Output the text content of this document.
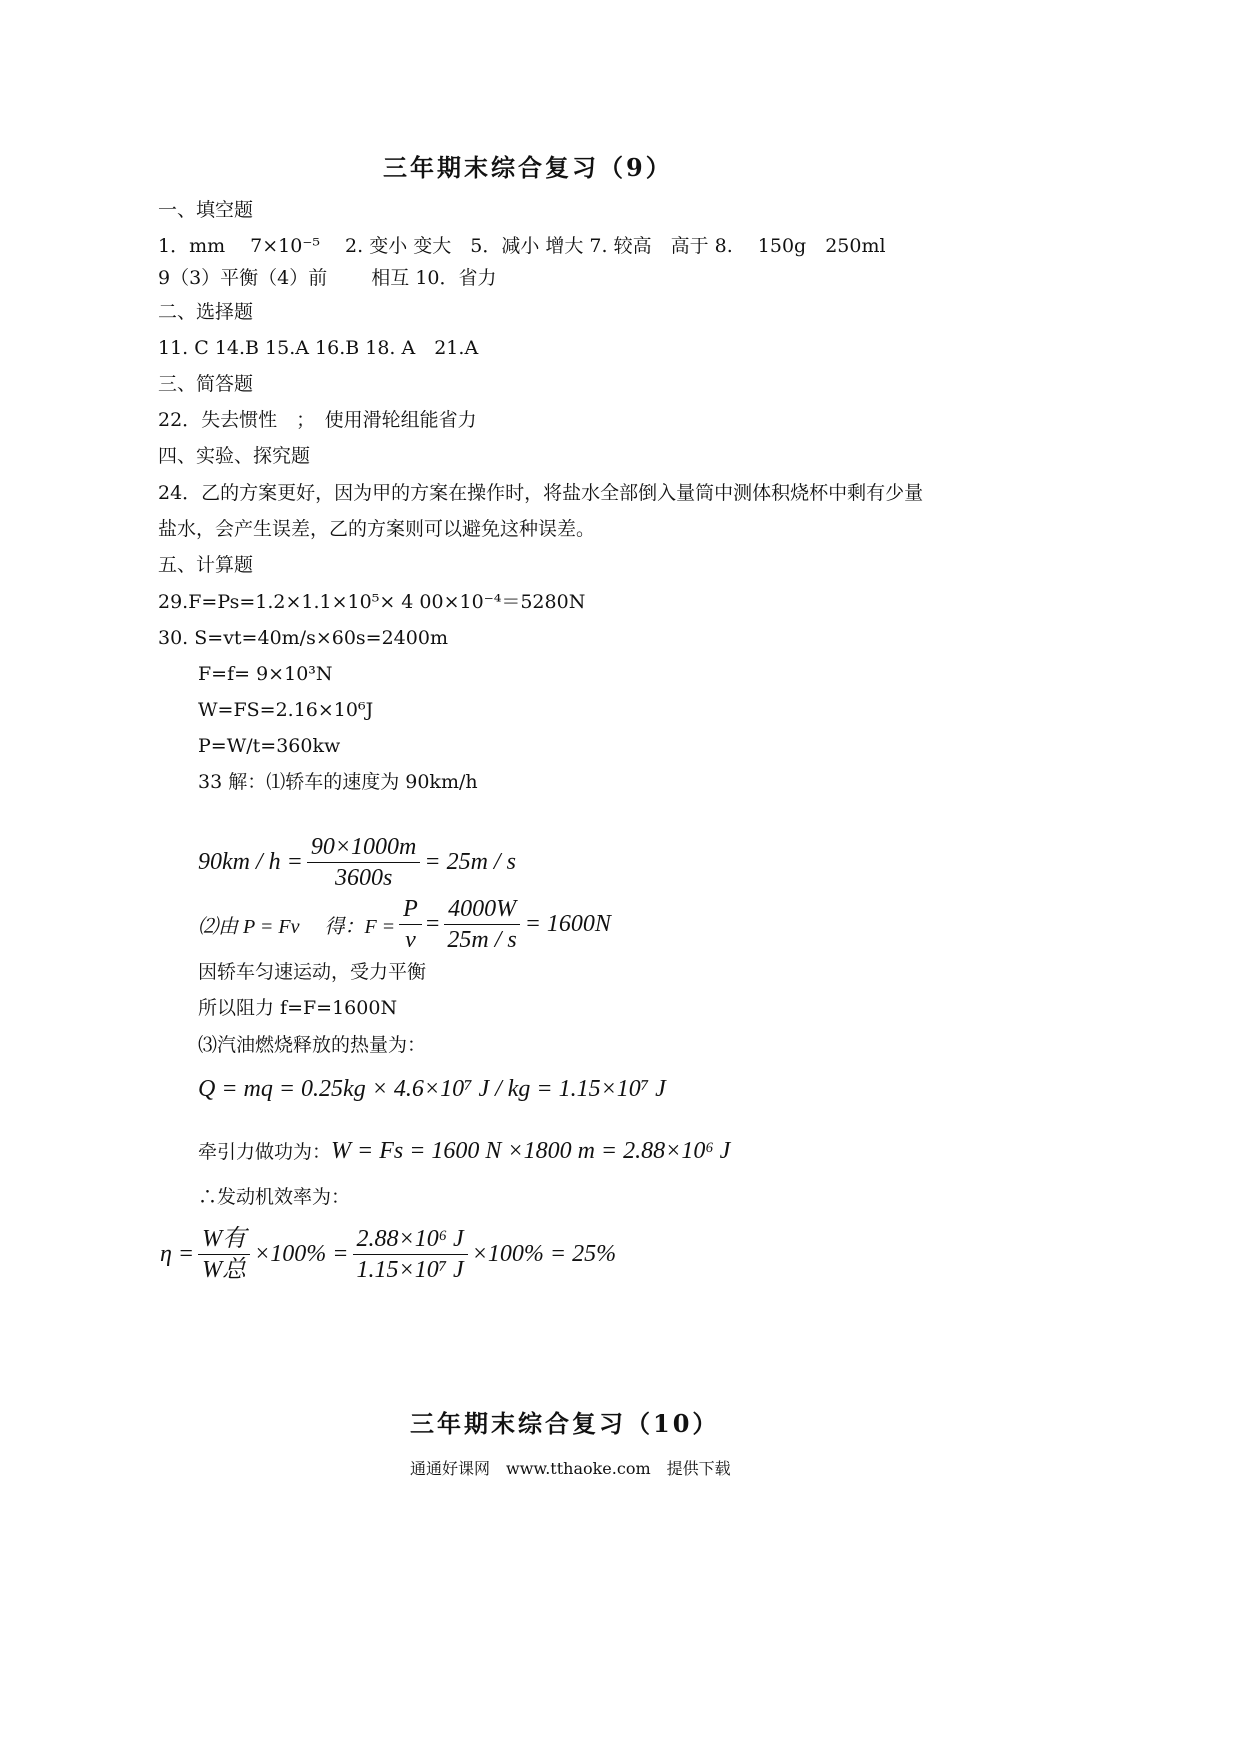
三年期末综合复习（9）
一、填空题
1．mm　 7×10⁻⁵　 2. 变小 变大　5．减小 增大 7. 较高　高于 8.　 150g　250ml
9（3）平衡（4）前　　 相互 10．省力
二、选择题
11. C 14.B 15.A 16.B 18. A　21.A
三、简答题
22．失去惯性　；　使用滑轮组能省力
四、实验、探究题
24．乙的方案更好，因为甲的方案在操作时，将盐水全部倒入量筒中测体积烧杯中剩有少量
盐水，会产生误差，乙的方案则可以避免这种误差。
五、计算题
29.F=Ps=1.2×1.1×10⁵× 4 00×10⁻⁴＝5280N
30. S=vt=40m/s×60s=2400m
F=f= 9×10³N
W=FS=2.16×10⁶J
P=W/t=360kw
33 解：⑴轿车的速度为 90km/h
$90km / h = \frac{90\times 1000m}{3600s} = 25m / s$
⑵由 P = Fv　 得：$F = \frac{P}{v} = \frac{4000W}{25m / s} = 1600N$
因轿车匀速运动，受力平衡
所以阻力 f=F=1600N
⑶汽油燃烧释放的热量为：
Q = mq = 0.25kg × 4.6×10⁷ J / kg = 1.15×10⁷ J
牵引力做功为： W = Fs = 1600 N ×1800 m = 2.88×10⁶ J
∴发动机效率为：
$\eta = \frac{\text{W有}}{\text{W总}} \times 100\% = \frac{\text{2.88×10⁶ J}}{\text{1.15×10⁷ J}} \times 100\% = 25\%$
三年期末综合复习（10）
通通好课网　www.tthaoke.com　提供下载
